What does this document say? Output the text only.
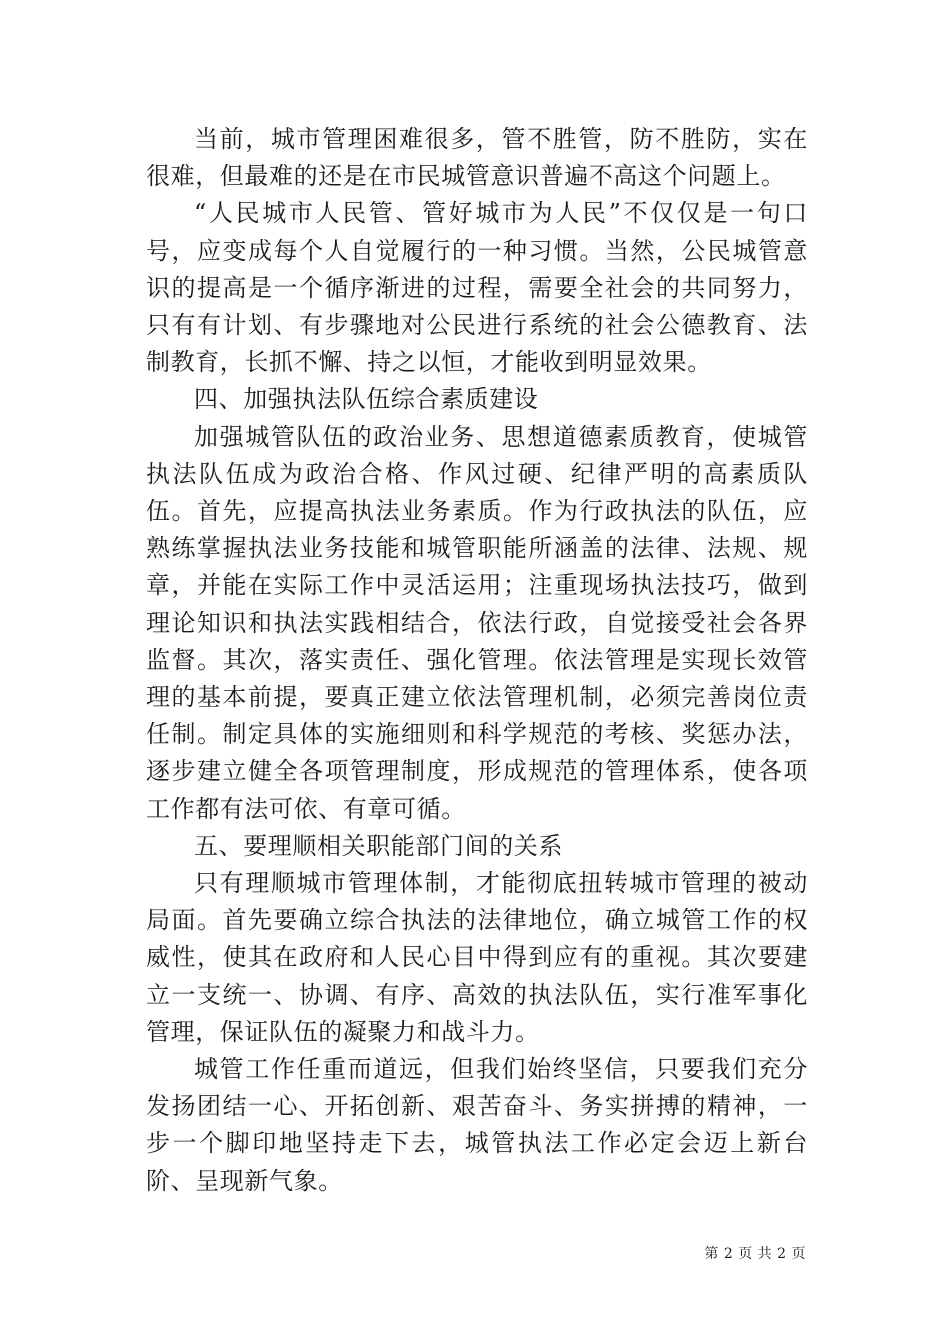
当前，城市管理困难很多，管不胜管，防不胜防，实在很难，但最难的还是在市民城管意识普遍不高这个问题上。

“人民城市人民管、管好城市为人民”不仅仅是一句口号，应变成每个人自觉履行的一种习惯。当然，公民城管意识的提高是一个循序渐进的过程，需要全社会的共同努力，只有有计划、有步骤地对公民进行系统的社会公德教育、法制教育，长抓不懈、持之以恒，才能收到明显效果。

四、加强执法队伍综合素质建设

加强城管队伍的政治业务、思想道德素质教育，使城管执法队伍成为政治合格、作风过硬、纪律严明的高素质队伍。首先，应提高执法业务素质。作为行政执法的队伍，应熟练掌握执法业务技能和城管职能所涵盖的法律、法规、规章，并能在实际工作中灵活运用；注重现场执法技巧，做到理论知识和执法实践相结合，依法行政，自觉接受社会各界监督。其次，落实责任、强化管理。依法管理是实现长效管理的基本前提，要真正建立依法管理机制，必须完善岗位责任制。制定具体的实施细则和科学规范的考核、奖惩办法，逐步建立健全各项管理制度，形成规范的管理体系，使各项工作都有法可依、有章可循。

五、要理顺相关职能部门间的关系

只有理顺城市管理体制，才能彻底扭转城市管理的被动局面。首先要确立综合执法的法律地位，确立城管工作的权威性，使其在政府和人民心目中得到应有的重视。其次要建立一支统一、协调、有序、高效的执法队伍，实行准军事化管理，保证队伍的凝聚力和战斗力。

城管工作任重而道远，但我们始终坚信，只要我们充分发扬团结一心、开拓创新、艰苦奋斗、务实拼搏的精神，一步一个脚印地坚持走下去，城管执法工作必定会迈上新台阶、呈现新气象。

第 2 页 共 2 页
